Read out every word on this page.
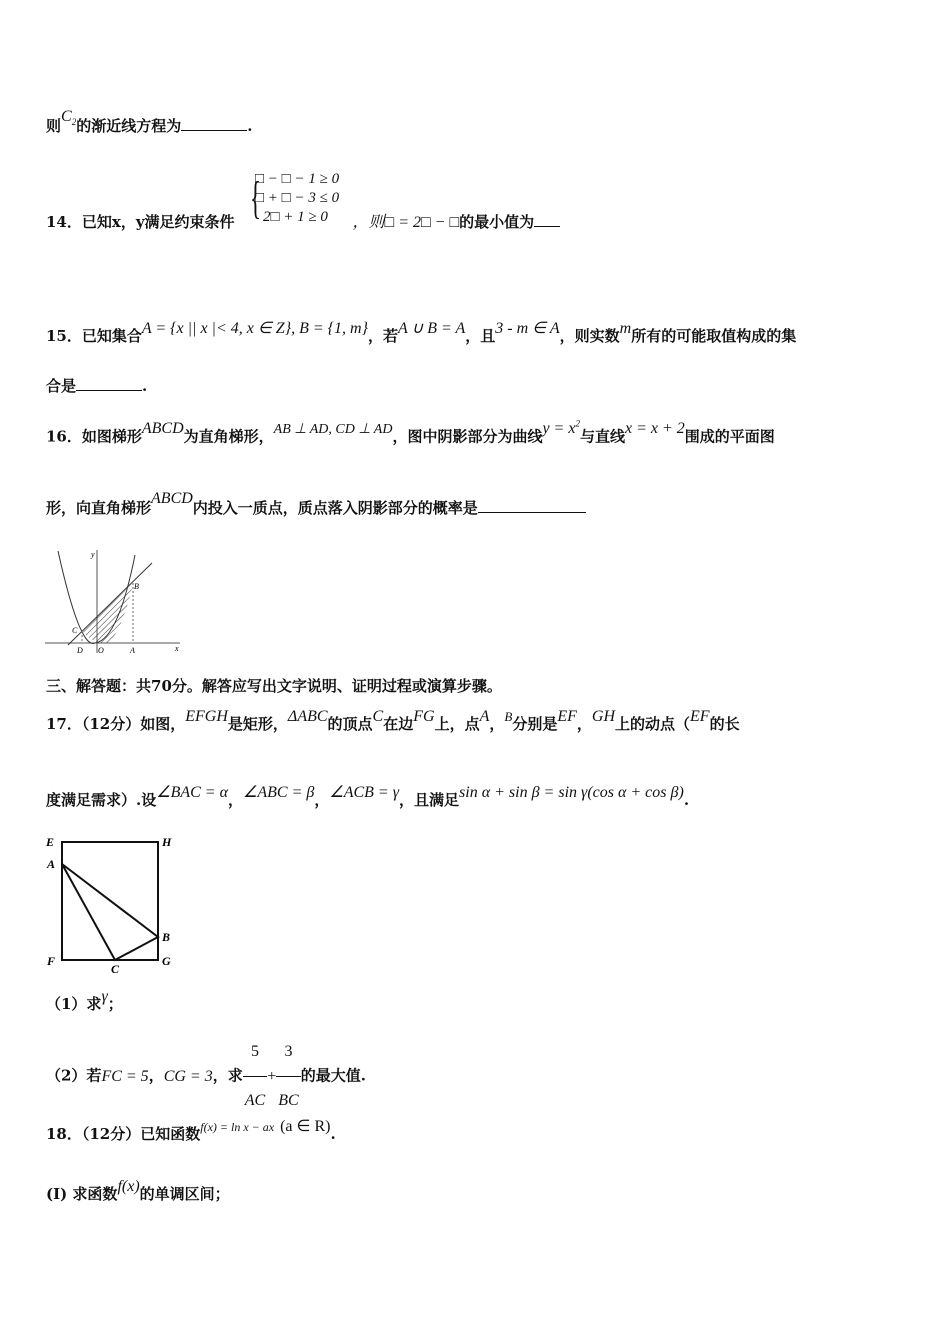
则$C_2$的渐近线方程为	.
{
□ − □ − 1 ≥ 0
□ + □ − 3 ≤ 0
2□ + 1 ≥ 0
14．已知x，y满足约束条件	，则□ = 2□ − □的最小值为
15．已知集合A = {x || x |< 4, x ∈ Z}, B = {1, m}，若A ∪ B = A，且3 - m ∈ A，则实数m所有的可能取值构成的集
合是	.
16．如图梯形ABCD为直角梯形，AB ⊥ AD, CD ⊥ AD，图中阴影部分为曲线$y = x^2$与直线x = x + 2围成的平面图
形，向直角梯形ABCD内投入一质点，质点落入阴影部分的概率是
y
x
B
C
D O	A
三、解答题：共70分。解答应写出文字说明、证明过程或演算步骤。
17．（12分）如图，EFGH是矩形，ΔABC的顶点C在边FG上，点A，B分别是EF，GH上的动点（EF的长
度满足需求）.设∠BAC = α，∠ABC = β，∠ACB = γ，且满足sin α + sin β = sin γ(cos α + cos β).
E	H
A
B
F
C
G
（1）求γ；
（2）若FC = 5，CG = 3，求 $\frac{5}{AC} + \frac{3}{BC}$ 的最大值.
18．（12分）已知函数$^{f(x) = ln x - ax}$ (a ∈ R).
(I) 求函数f(x)的单调区间；
